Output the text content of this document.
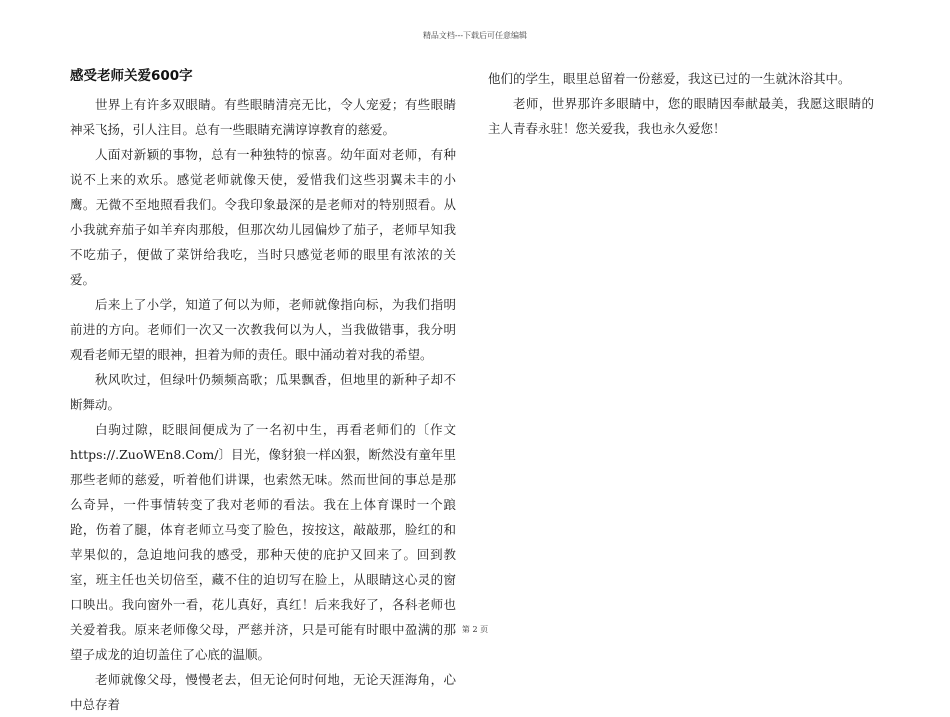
精品文档---下载后可任意编辑
感受老师关爱600字

世界上有许多双眼睛。有些眼睛清亮无比，令人宠爱；有些眼睛神采飞扬，引人注目。总有一些眼睛充满谆谆教育的慈爱。

人面对新颖的事物，总有一种独特的惊喜。幼年面对老师，有种说不上来的欢乐。感觉老师就像天使，爱惜我们这些羽翼未丰的小鹰。无微不至地照看我们。令我印象最深的是老师对的特别照看。从小我就弃茄子如羊弃肉那般，但那次幼儿园偏炒了茄子，老师早知我不吃茄子，便做了菜饼给我吃，当时只感觉老师的眼里有浓浓的关爱。

后来上了小学，知道了何以为师，老师就像指向标，为我们指明前进的方向。老师们一次又一次教我何以为人，当我做错事，我分明观看老师无望的眼神，担着为师的责任。眼中涌动着对我的希望。

秋风吹过，但绿叶仍频频高歌；瓜果飘香，但地里的新种子却不断舞动。

白驹过隙，眨眼间便成为了一名初中生，再看老师们的〔作文https://.ZuoWEn8.Com/〕目光，像豺狼一样凶狠，断然没有童年里那些老师的慈爱，听着他们讲课，也索然无味。然而世间的事总是那么奇异，一件事情转变了我对老师的看法。我在上体育课时一个踉跄，伤着了腿，体育老师立马变了脸色，按按这，敲敲那，脸红的和苹果似的，急迫地问我的感受，那种天使的庇护又回来了。回到教室，班主任也关切倍至，藏不住的迫切写在脸上，从眼睛这心灵的窗口映出。我向窗外一看，花儿真好，真红！后来我好了，各科老师也关爱着我。原来老师像父母，严慈并济，只是可能有时眼中盈满的那望子成龙的迫切盖住了心底的温顺。

老师就像父母，慢慢老去，但无论何时何地，无论天涯海角，心中总存着

他们的学生，眼里总留着一份慈爱，我这已过的一生就沐浴其中。

老师，世界那许多眼睛中，您的眼睛因奉献最美，我愿这眼睛的主人青春永驻！您关爱我，我也永久爱您！

第 2 页
